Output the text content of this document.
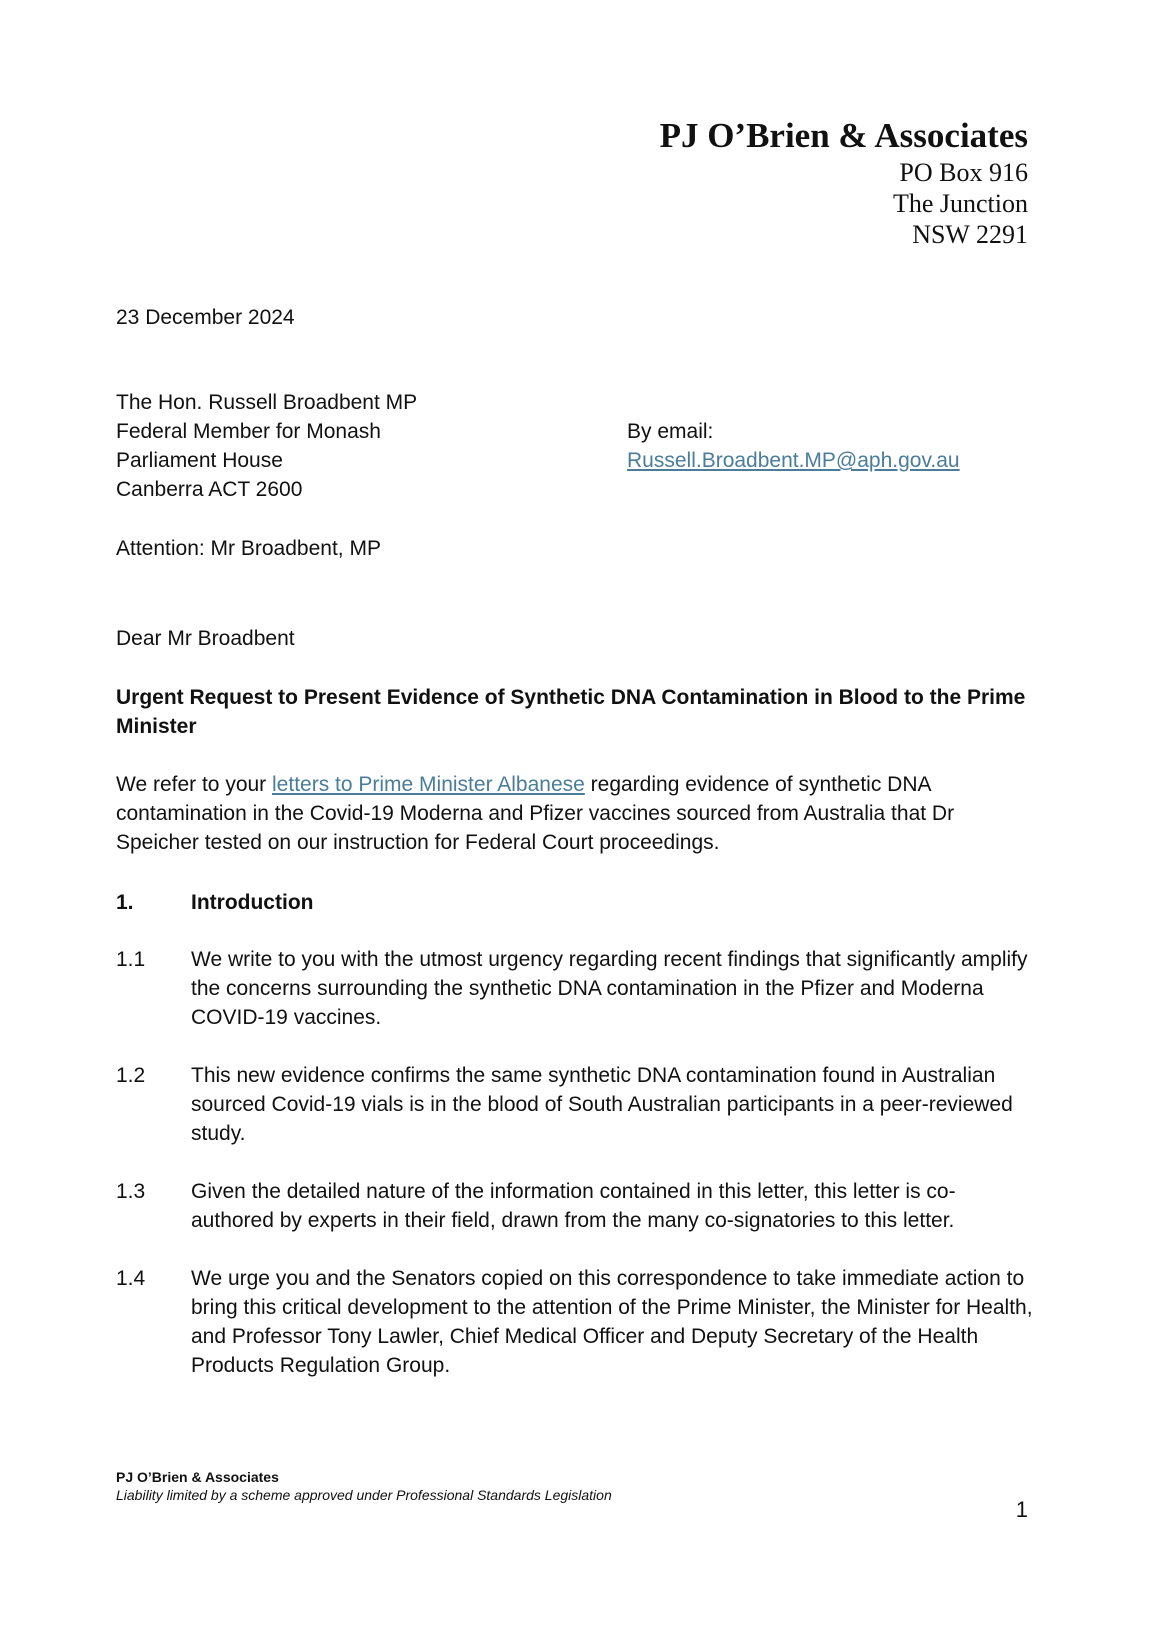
PJ O’Brien & Associates
PO Box 916
The Junction
NSW 2291
23 December 2024
The Hon. Russell Broadbent MP
Federal Member for Monash
Parliament House
Canberra ACT 2600
By email:
Russell.Broadbent.MP@aph.gov.au
Attention: Mr Broadbent, MP
Dear Mr Broadbent
Urgent Request to Present Evidence of Synthetic DNA Contamination in Blood to the Prime Minister
We refer to your letters to Prime Minister Albanese regarding evidence of synthetic DNA contamination in the Covid-19 Moderna and Pfizer vaccines sourced from Australia that Dr Speicher tested on our instruction for Federal Court proceedings.
1.	Introduction
1.1	We write to you with the utmost urgency regarding recent findings that significantly amplify the concerns surrounding the synthetic DNA contamination in the Pfizer and Moderna COVID-19 vaccines.
1.2	This new evidence confirms the same synthetic DNA contamination found in Australian sourced Covid-19 vials is in the blood of South Australian participants in a peer-reviewed study.
1.3	Given the detailed nature of the information contained in this letter, this letter is co-authored by experts in their field, drawn from the many co-signatories to this letter.
1.4	We urge you and the Senators copied on this correspondence to take immediate action to bring this critical development to the attention of the Prime Minister, the Minister for Health, and Professor Tony Lawler, Chief Medical Officer and Deputy Secretary of the Health Products Regulation Group.
PJ O’Brien & Associates
Liability limited by a scheme approved under Professional Standards Legislation
1
